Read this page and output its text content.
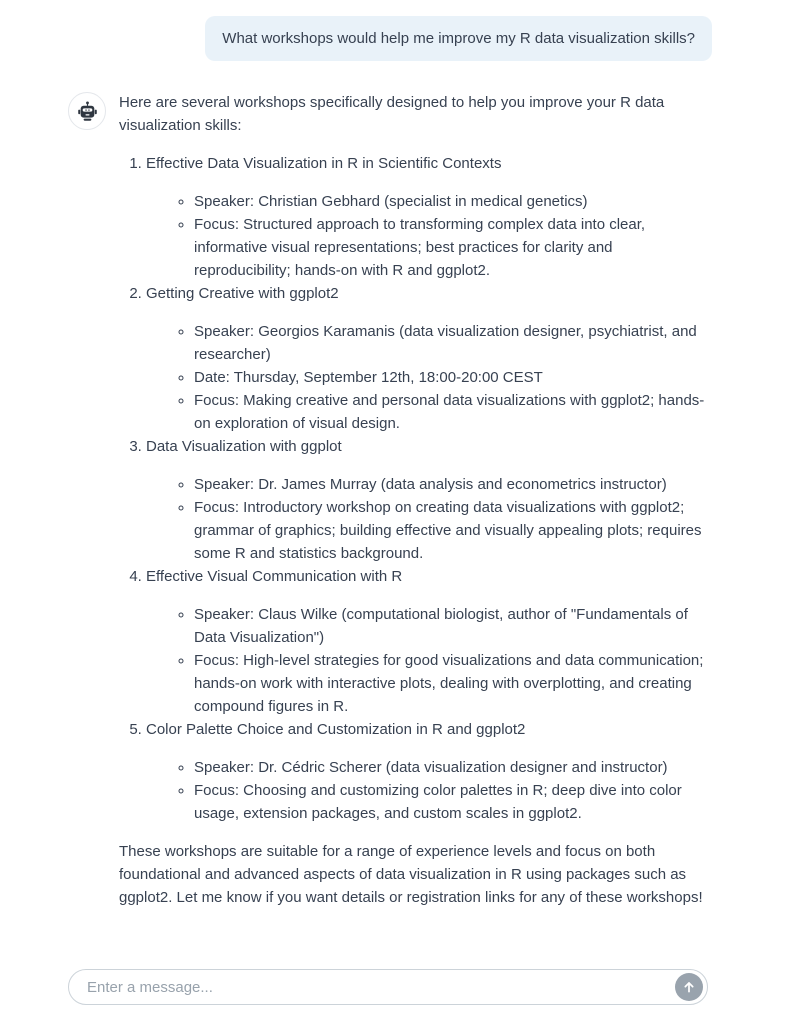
What workshops would help me improve my R data visualization skills?

Here are several workshops specifically designed to help you improve your R data visualization skills:

1. Effective Data Visualization in R in Scientific Contexts
◦ Speaker: Christian Gebhard (specialist in medical genetics)
◦ Focus: Structured approach to transforming complex data into clear, informative visual representations; best practices for clarity and reproducibility; hands-on with R and ggplot2.
2. Getting Creative with ggplot2
◦ Speaker: Georgios Karamanis (data visualization designer, psychiatrist, and researcher)
◦ Date: Thursday, September 12th, 18:00-20:00 CEST
◦ Focus: Making creative and personal data visualizations with ggplot2; hands-on exploration of visual design.
3. Data Visualization with ggplot
◦ Speaker: Dr. James Murray (data analysis and econometrics instructor)
◦ Focus: Introductory workshop on creating data visualizations with ggplot2; grammar of graphics; building effective and visually appealing plots; requires some R and statistics background.
4. Effective Visual Communication with R
◦ Speaker: Claus Wilke (computational biologist, author of "Fundamentals of Data Visualization")
◦ Focus: High-level strategies for good visualizations and data communication; hands-on work with interactive plots, dealing with overplotting, and creating compound figures in R.
5. Color Palette Choice and Customization in R and ggplot2
◦ Speaker: Dr. Cédric Scherer (data visualization designer and instructor)
◦ Focus: Choosing and customizing color palettes in R; deep dive into color usage, extension packages, and custom scales in ggplot2.

These workshops are suitable for a range of experience levels and focus on both foundational and advanced aspects of data visualization in R using packages such as ggplot2. Let me know if you want details or registration links for any of these workshops!

Enter a message...
